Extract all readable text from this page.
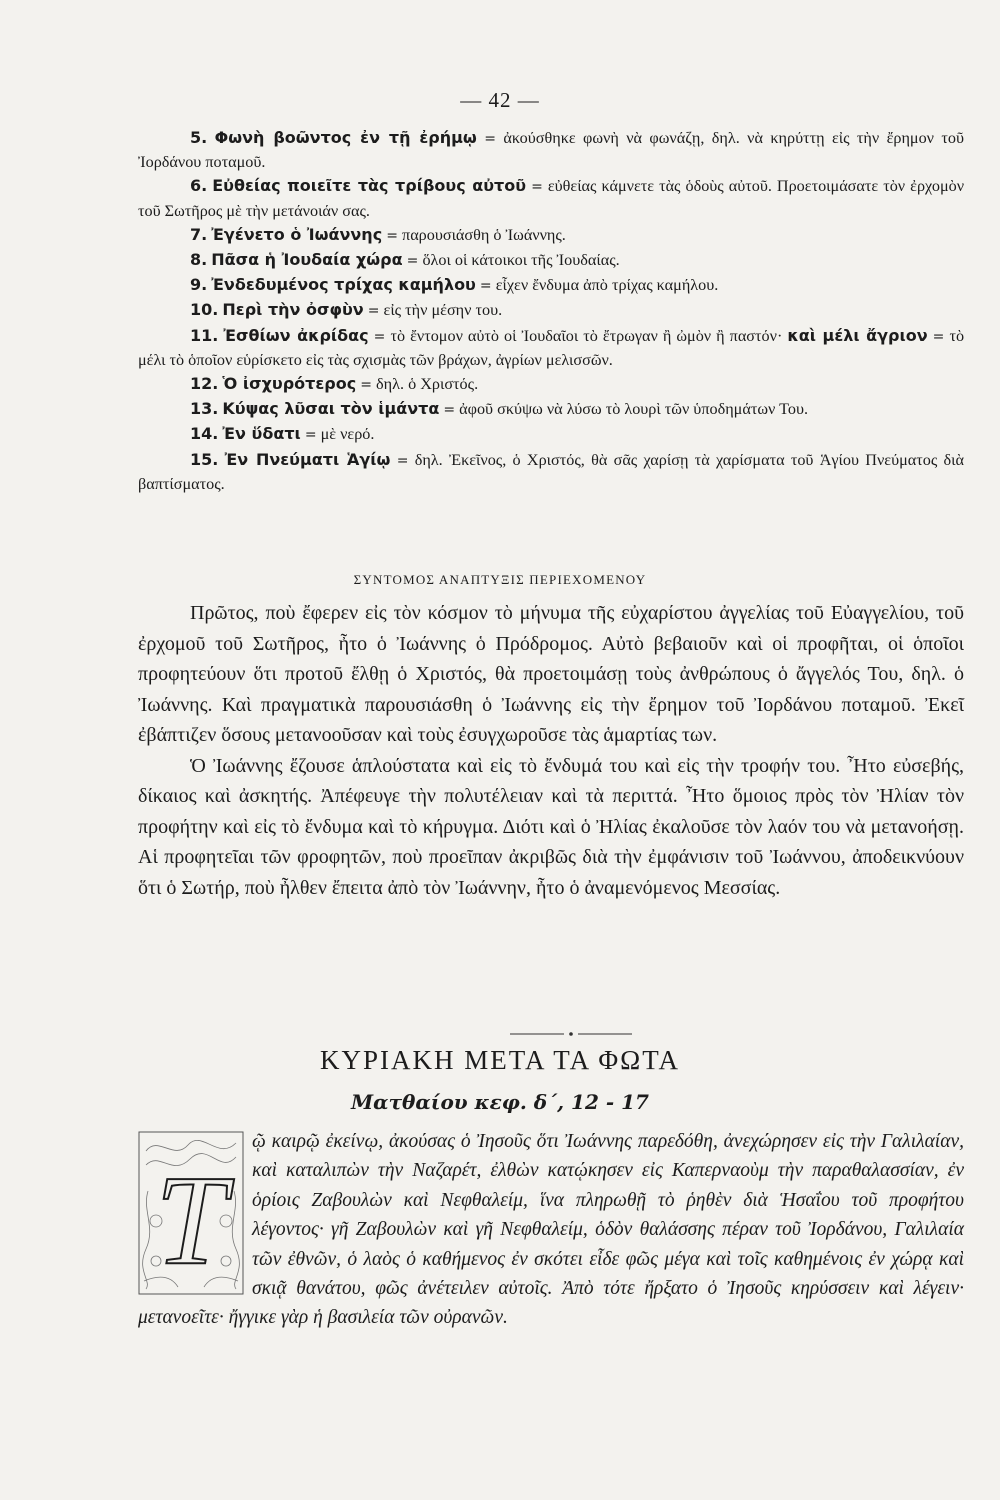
— 42 —

5. Φωνὴ βοῶντος ἐν τῇ ἐρήμῳ = ἀκούσθηκε φωνὴ νὰ φωνάζῃ, δηλ. νὰ κηρύττῃ εἰς τὴν ἔρημον τοῦ Ἰορδάνου ποταμοῦ.

6. Εὐθείας ποιεῖτε τὰς τρίβους αὐτοῦ = εὐθείας κάμνετε τὰς ὁδοὺς αὐτοῦ. Προετοιμάσατε τὸν ἐρχομὸν τοῦ Σωτῆρος μὲ τὴν μετάνοιάν σας.

7. Ἐγένετο ὁ Ἰωάννης = παρουσιάσθη ὁ Ἰωάννης.

8. Πᾶσα ἡ Ἰουδαία χώρα = ὅλοι οἱ κάτοικοι τῆς Ἰουδαίας.

9. Ἐνδεδυμένος τρίχας καμήλου = εἶχεν ἔνδυμα ἀπὸ τρίχας καμήλου.

10. Περὶ τὴν ὀσφὺν = εἰς τὴν μέσην του.

11. Ἐσθίων ἀκρίδας = τὸ ἔντομον αὐτὸ οἱ Ἰουδαῖοι τὸ ἔτρωγαν ἢ ὠμὸν ἢ παστόν· καὶ μέλι ἄγριον = τὸ μέλι τὸ ὁποῖον εὑρίσκετο εἰς τὰς σχισμὰς τῶν βράχων, ἀγρίων μελισσῶν.

12. Ὁ ἰσχυρότερος = δηλ. ὁ Χριστός.

13. Κύψας λῦσαι τὸν ἱμάντα = ἀφοῦ σκύψω νὰ λύσω τὸ λουρὶ τῶν ὑποδημάτων Του.

14. Ἐν ὕδατι = μὲ νερό.

15. Ἐν Πνεύματι Ἁγίῳ = δηλ. Ἐκεῖνος, ὁ Χριστός, θὰ σᾶς χαρίσῃ τὰ χαρίσματα τοῦ Ἁγίου Πνεύματος διὰ βαπτίσματος.

ΣΥΝΤΟΜΟΣ ΑΝΑΠΤΥΞΙΣ ΠΕΡΙΕΧΟΜΕΝΟΥ

Πρῶτος, ποὺ ἔφερεν εἰς τὸν κόσμον τὸ μήνυμα τῆς εὐχαρίστου ἀγγελίας τοῦ Εὐαγγελίου, τοῦ ἐρχομοῦ τοῦ Σωτῆρος, ἦτο ὁ Ἰωάννης ὁ Πρόδρομος. Αὐτὸ βεβαιοῦν καὶ οἱ προφῆται, οἱ ὁποῖοι προφητεύουν ὅτι προτοῦ ἔλθῃ ὁ Χριστός, θὰ προετοιμάσῃ τοὺς ἀνθρώπους ὁ ἄγγελός Του, δηλ. ὁ Ἰωάννης. Καὶ πραγματικὰ παρουσιάσθη ὁ Ἰωάννης εἰς τὴν ἔρημον τοῦ Ἰορδάνου ποταμοῦ. Ἐκεῖ ἐβάπτιζεν ὅσους μετανοοῦσαν καὶ τοὺς ἐσυγχωροῦσε τὰς ἁμαρτίας των.

Ὁ Ἰωάννης ἔζουσε ἁπλούστατα καὶ εἰς τὸ ἔνδυμά του καὶ εἰς τὴν τροφήν του. Ἦτο εὐσεβής, δίκαιος καὶ ἀσκητής. Ἀπέφευγε τὴν πολυτέλειαν καὶ τὰ περιττά. Ἦτο ὅμοιος πρὸς τὸν Ἠλίαν τὸν προφήτην καὶ εἰς τὸ ἔνδυμα καὶ τὸ κήρυγμα. Διότι καὶ ὁ Ἠλίας ἐκαλοῦσε τὸν λαόν του νὰ μετανοήσῃ. Αἱ προφητεῖαι τῶν φροφητῶν, ποὺ προεῖπαν ἀκριβῶς διὰ τὴν ἐμφάνισιν τοῦ Ἰωάννου, ἀποδεικνύουν ὅτι ὁ Σωτήρ, ποὺ ἦλθεν ἔπειτα ἀπὸ τὸν Ἰωάννην, ἦτο ὁ ἀναμενόμενος Μεσσίας.

ΚΥΡΙΑΚΗ ΜΕΤΑ ΤΑ ΦΩΤΑ
Ματθαίου κεφ. δ΄, 12 - 17
Τ
ῷ καιρῷ ἐκείνῳ, ἀκούσας ὁ Ἰησοῦς ὅτι Ἰωάννης παρεδόθη, ἀνεχώρησεν εἰς τὴν Γαλιλαίαν, καὶ καταλιπὼν τὴν Ναζαρέτ, ἐλθὼν κατῴκησεν εἰς Καπερναοὺμ τὴν παραθαλασσίαν, ἐν ὁρίοις Ζαβουλὼν καὶ Νεφθαλείμ, ἵνα πληρωθῇ τὸ ῥηθὲν διὰ Ἡσαΐου τοῦ προφήτου λέγοντος· γῆ Ζαβουλὼν καὶ γῆ Νεφθαλείμ, ὁδὸν θαλάσσης πέραν τοῦ Ἰορδάνου, Γαλιλαία τῶν ἐθνῶν, ὁ λαὸς ὁ καθήμενος ἐν σκότει εἶδε φῶς μέγα καὶ τοῖς καθημένοις ἐν χώρᾳ καὶ σκιᾷ θανάτου, φῶς ἀνέτειλεν αὐτοῖς. Ἀπὸ τότε ἤρξατο ὁ Ἰησοῦς κηρύσσειν καὶ λέγειν· μετανοεῖτε· ἤγγικε γὰρ ἡ βασιλεία τῶν οὐρανῶν.
